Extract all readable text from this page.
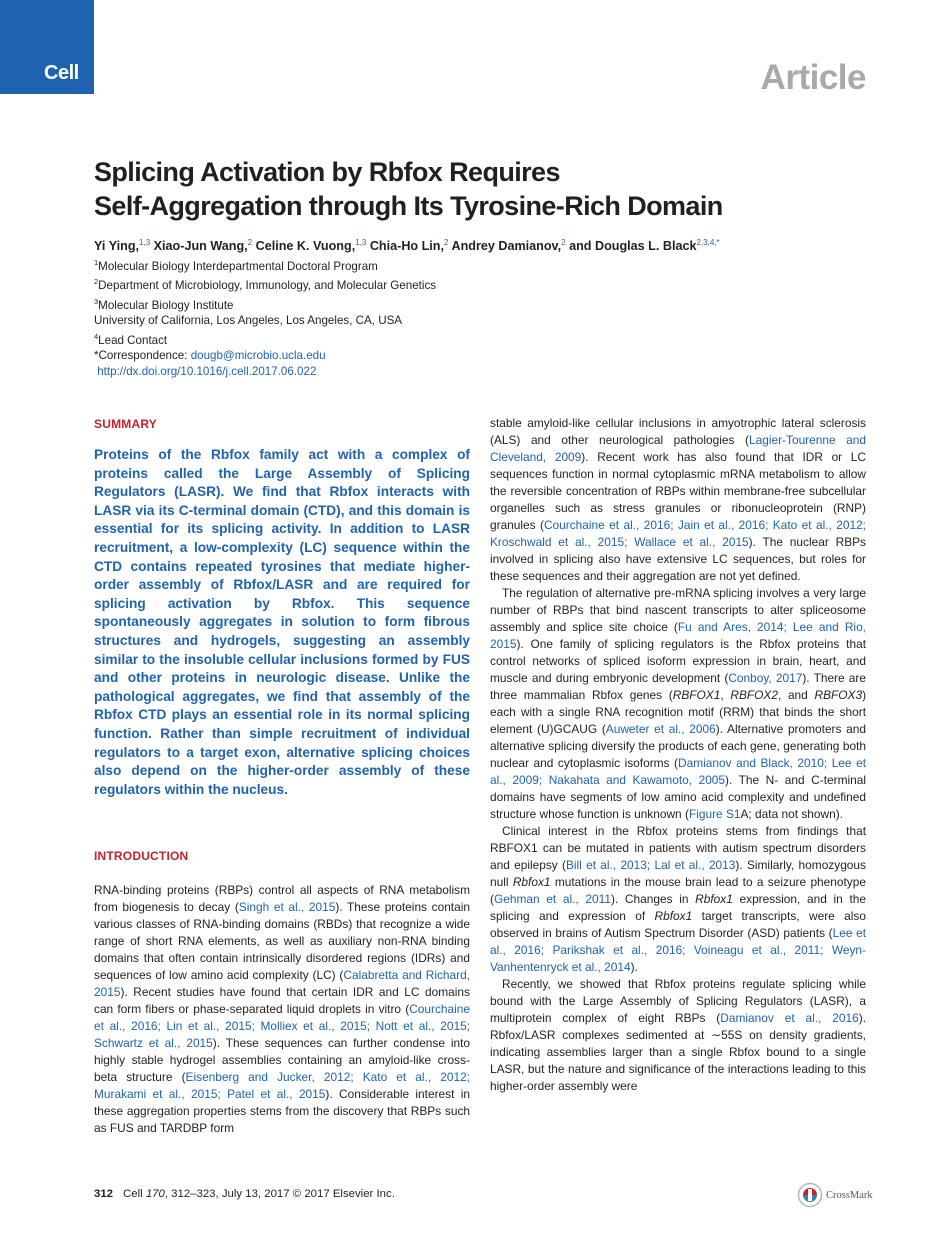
Cell	Article
Splicing Activation by Rbfox Requires
Self-Aggregation through Its Tyrosine-Rich Domain

Yi Ying,$^{1,3}$ Xiao-Jun Wang,$^2$ Celine K. Vuong,$^{1,3}$ Chia-Ho Lin,$^2$ Andrey Damianov,$^2$ and Douglas L. Black$^{2,3,4,*}$

$^1$Molecular Biology Interdepartmental Doctoral Program
$^2$Department of Microbiology, Immunology, and Molecular Genetics
$^3$Molecular Biology Institute
University of California, Los Angeles, Los Angeles, CA, USA
$^4$Lead Contact
*Correspondence: dougb@microbio.ucla.edu
http://dx.doi.org/10.1016/j.cell.2017.06.022
SUMMARY

Proteins of the Rbfox family act with a complex of proteins called the Large Assembly of Splicing Regulators (LASR). We find that Rbfox interacts with LASR via its C-terminal domain (CTD), and this domain is essential for its splicing activity. In addition to LASR recruitment, a low-complexity (LC) sequence within the CTD contains repeated tyrosines that mediate higher-order assembly of Rbfox/LASR and are required for splicing activation by Rbfox. This sequence spontaneously aggregates in solution to form fibrous structures and hydrogels, suggesting an assembly similar to the insoluble cellular inclusions formed by FUS and other proteins in neurologic disease. Unlike the pathological aggregates, we find that assembly of the Rbfox CTD plays an essential role in its normal splicing function. Rather than simple recruitment of individual regulators to a target exon, alternative splicing choices also depend on the higher-order assembly of these regulators within the nucleus.

INTRODUCTION

RNA-binding proteins (RBPs) control all aspects of RNA metabolism from biogenesis to decay (Singh et al., 2015). These proteins contain various classes of RNA-binding domains (RBDs) that recognize a wide range of short RNA elements, as well as auxiliary non-RNA binding domains that often contain intrinsically disordered regions (IDRs) and sequences of low amino acid complexity (LC) (Calabretta and Richard, 2015). Recent studies have found that certain IDR and LC domains can form fibers or phase-separated liquid droplets in vitro (Courchaine et al., 2016; Lin et al., 2015; Molliex et al., 2015; Nott et al., 2015; Schwartz et al., 2015). These sequences can further condense into highly stable hydrogel assemblies containing an amyloid-like cross-beta structure (Eisenberg and Jucker, 2012; Kato et al., 2012; Murakami et al., 2015; Patel et al., 2015). Considerable interest in these aggregation properties stems from the discovery that RBPs such as FUS and TARDBP form

stable amyloid-like cellular inclusions in amyotrophic lateral sclerosis (ALS) and other neurological pathologies (Lagier-Tourenne and Cleveland, 2009). Recent work has also found that IDR or LC sequences function in normal cytoplasmic mRNA metabolism to allow the reversible concentration of RBPs within membrane-free subcellular organelles such as stress granules or ribonucleoprotein (RNP) granules (Courchaine et al., 2016; Jain et al., 2016; Kato et al., 2012; Kroschwald et al., 2015; Wallace et al., 2015). The nuclear RBPs involved in splicing also have extensive LC sequences, but roles for these sequences and their aggregation are not yet defined.

The regulation of alternative pre-mRNA splicing involves a very large number of RBPs that bind nascent transcripts to alter spliceosome assembly and splice site choice (Fu and Ares, 2014; Lee and Rio, 2015). One family of splicing regulators is the Rbfox proteins that control networks of spliced isoform expression in brain, heart, and muscle and during embryonic development (Conboy, 2017). There are three mammalian Rbfox genes (RBFOX1, RBFOX2, and RBFOX3) each with a single RNA recognition motif (RRM) that binds the short element (U)GCAUG (Auweter et al., 2006). Alternative promoters and alternative splicing diversify the products of each gene, generating both nuclear and cytoplasmic isoforms (Damianov and Black, 2010; Lee et al., 2009; Nakahata and Kawamoto, 2005). The N- and C-terminal domains have segments of low amino acid complexity and undefined structure whose function is unknown (Figure S1A; data not shown).

Clinical interest in the Rbfox proteins stems from findings that RBFOX1 can be mutated in patients with autism spectrum disorders and epilepsy (Bill et al., 2013; Lal et al., 2013). Similarly, homozygous null Rbfox1 mutations in the mouse brain lead to a seizure phenotype (Gehman et al., 2011). Changes in Rbfox1 expression, and in the splicing and expression of Rbfox1 target transcripts, were also observed in brains of Autism Spectrum Disorder (ASD) patients (Lee et al., 2016; Parikshak et al., 2016; Voineagu et al., 2011; Weyn-Vanhentenryck et al., 2014).

Recently, we showed that Rbfox proteins regulate splicing while bound with the Large Assembly of Splicing Regulators (LASR), a multiprotein complex of eight RBPs (Damianov et al., 2016). Rbfox/LASR complexes sedimented at ∼55S on density gradients, indicating assemblies larger than a single Rbfox bound to a single LASR, but the nature and significance of the interactions leading to this higher-order assembly were

312 Cell 170, 312–323, July 13, 2017 © 2017 Elsevier Inc.	CrossMark
